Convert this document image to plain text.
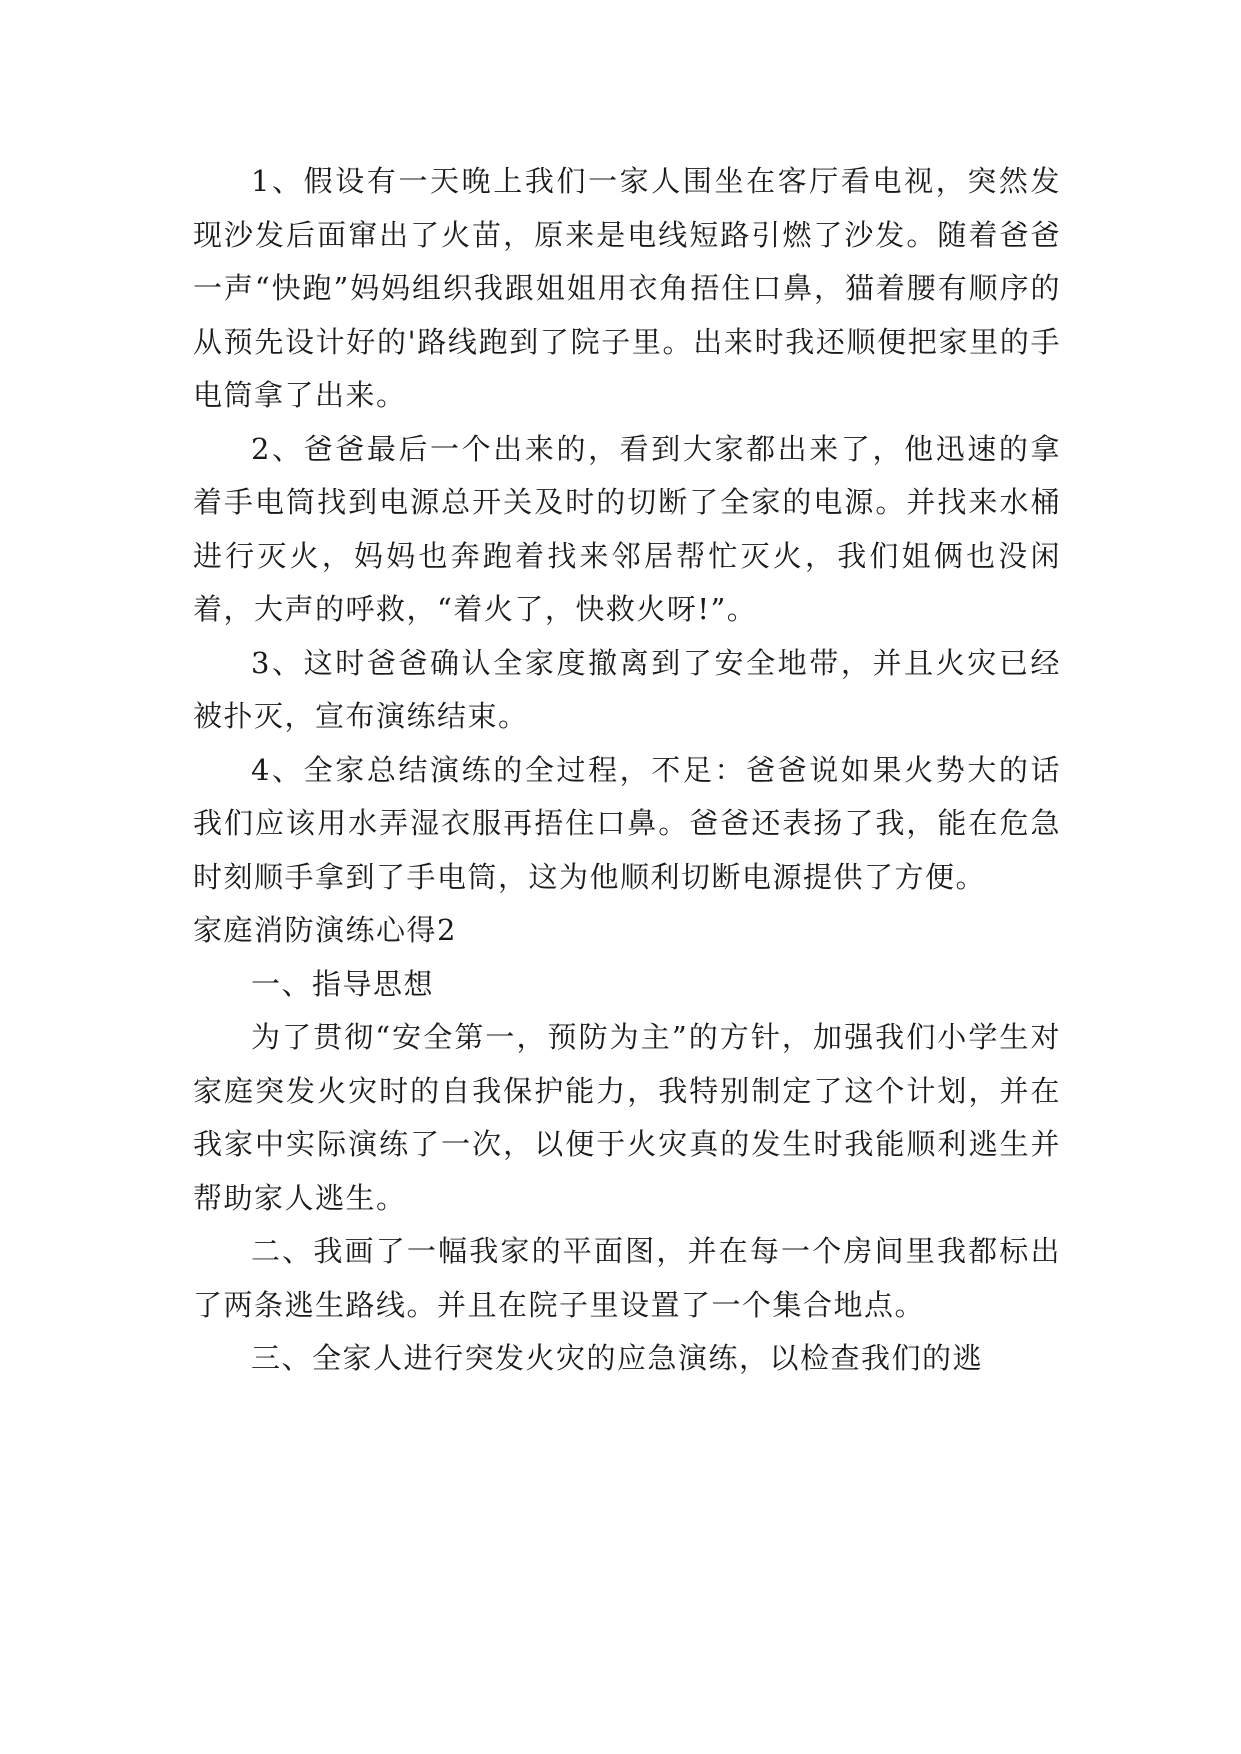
1、假设有一天晚上我们一家人围坐在客厅看电视，突然发现沙发后面窜出了火苗，原来是电线短路引燃了沙发。随着爸爸一声“快跑”妈妈组织我跟姐姐用衣角捂住口鼻，猫着腰有顺序的从预先设计好的'路线跑到了院子里。出来时我还顺便把家里的手电筒拿了出来。

2、爸爸最后一个出来的，看到大家都出来了，他迅速的拿着手电筒找到电源总开关及时的切断了全家的电源。并找来水桶进行灭火，妈妈也奔跑着找来邻居帮忙灭火，我们姐俩也没闲着，大声的呼救，“着火了，快救火呀!”。

3、这时爸爸确认全家度撤离到了安全地带，并且火灾已经被扑灭，宣布演练结束。

4、全家总结演练的全过程，不足：爸爸说如果火势大的话我们应该用水弄湿衣服再捂住口鼻。爸爸还表扬了我，能在危急时刻顺手拿到了手电筒，这为他顺利切断电源提供了方便。

家庭消防演练心得2

一、指导思想

为了贯彻“安全第一，预防为主”的方针，加强我们小学生对家庭突发火灾时的自我保护能力，我特别制定了这个计划，并在我家中实际演练了一次，以便于火灾真的发生时我能顺利逃生并帮助家人逃生。

二、我画了一幅我家的平面图，并在每一个房间里我都标出了两条逃生路线。并且在院子里设置了一个集合地点。

三、全家人进行突发火灾的应急演练，以检查我们的逃
